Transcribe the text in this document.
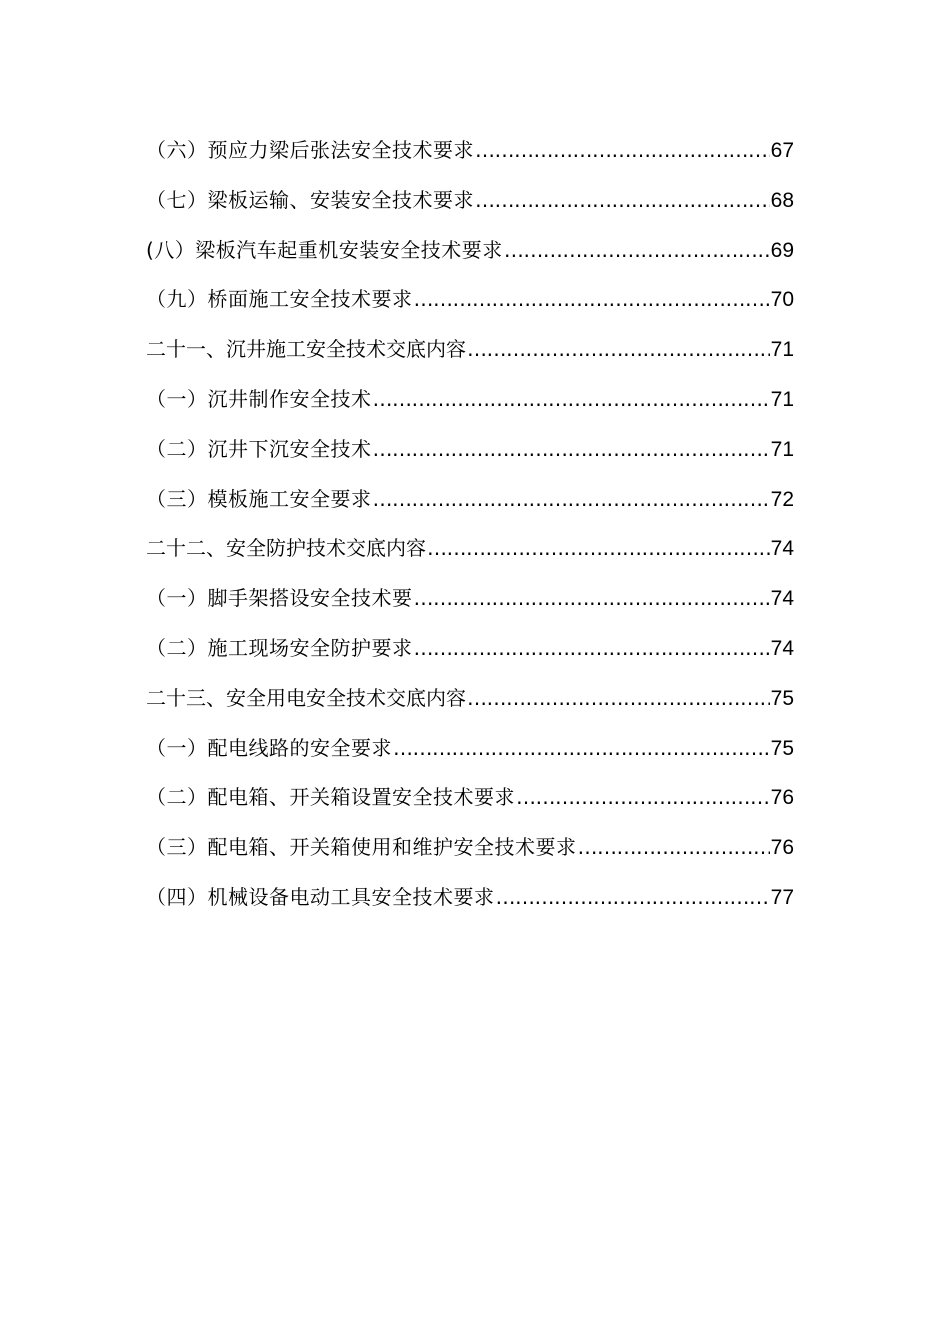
（六）预应力梁后张法安全技术要求 ……………………………………………………………………………………………………………………………	67
（七）梁板运输、安装安全技术要求 ……………………………………………………………………………………………………………………………	68
(八）梁板汽车起重机安装安全技术要求 ……………………………………………………………………………………………………………………………	69
（九）桥面施工安全技术要求 ……………………………………………………………………………………………………………………………	70
二十一、沉井施工安全技术交底内容 ……………………………………………………………………………………………………………………………	71
（一）沉井制作安全技术 ……………………………………………………………………………………………………………………………	71
（二）沉井下沉安全技术 ……………………………………………………………………………………………………………………………	71
（三）模板施工安全要求 ……………………………………………………………………………………………………………………………	72
二十二、安全防护技术交底内容 ……………………………………………………………………………………………………………………………	74
（一）脚手架搭设安全技术要 ……………………………………………………………………………………………………………………………	74
（二）施工现场安全防护要求 ……………………………………………………………………………………………………………………………	74
二十三、安全用电安全技术交底内容 ……………………………………………………………………………………………………………………………	75
（一）配电线路的安全要求 ……………………………………………………………………………………………………………………………	75
（二）配电箱、开关箱设置安全技术要求 ……………………………………………………………………………………………………………………………	76
（三）配电箱、开关箱使用和维护安全技术要求 ……………………………………………………………………………………………………………………………	76
（四）机械设备电动工具安全技术要求 ……………………………………………………………………………………………………………………………	77
